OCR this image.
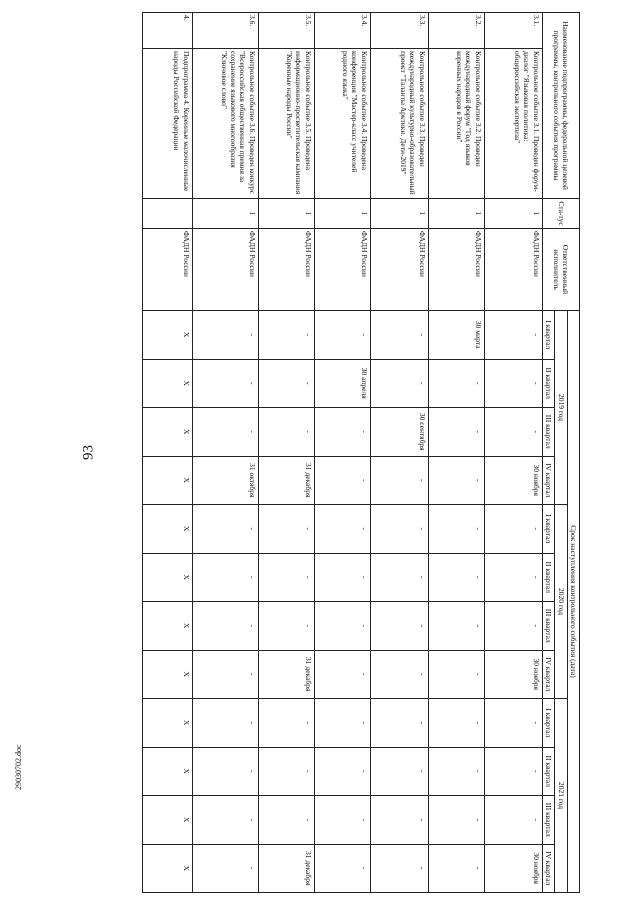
93
29030702.doc
Наименование подпрограммы, федеральной целевой программы, контрольного события программы		Ста-тус	Ответственный исполнитель	Срок наступления контрольного события (дата)											
				2019 год				2020 год				2021 год			
				I квартал	II квартал	III квартал	IV квартал	I квартал	II квартал	III квартал	IV квартал	I квартал	II квартал	III квартал	IV квартал
3.1.	Контрольное событие 3.1. Проведен форум-диалог "Языковая политика: общероссийская экспертиза"	1	ФАДН России	-	-	-	30 ноября	-	-	-	30 ноября	-	-	-	30 ноября
3.2.	Контрольное событие 3.2. Проведен международный форум "Год языков коренных народов в России"	1	ФАДН России	30 марта	-	-	-	-	-	-	-	-	-	-	-
3.3.	Контрольное событие 3.3. Проведен международный культурно-образовательный проект "Таланты Арктики. Дети-2019"	1	ФАДН России	-	-	30 сентября	-	-	-	-	-	-	-	-	-
3.4.	Контрольное событие 3.4. Проведена конференция "Мастер-класс учителей родного языка"	1	ФАДН России	-	30 апреля	-	-	-	-	-	-	-	-	-	-
3.5.	Контрольное событие 3.5. Проведена информационно-просветительская кампания "Коренные народы России"	1	ФАДН России	-	-	-	31 декабря	-	-	-	31 декабря	-	-	-	31 декабря
3.6.	Контрольное событие 3.6. Проведен конкурс "Всероссийская общественная премия за сохранение языкового многообразия "Ключевое слово"	1	ФАДН России	-	-	-	31 октября	-	-	-	-	-	-	-	-
4.	Подпрограмма 4. Коренные малочисленные народы Российской Федерации		ФАДН России	X	X	X	X	X	X	X	X	X	X	X	X
